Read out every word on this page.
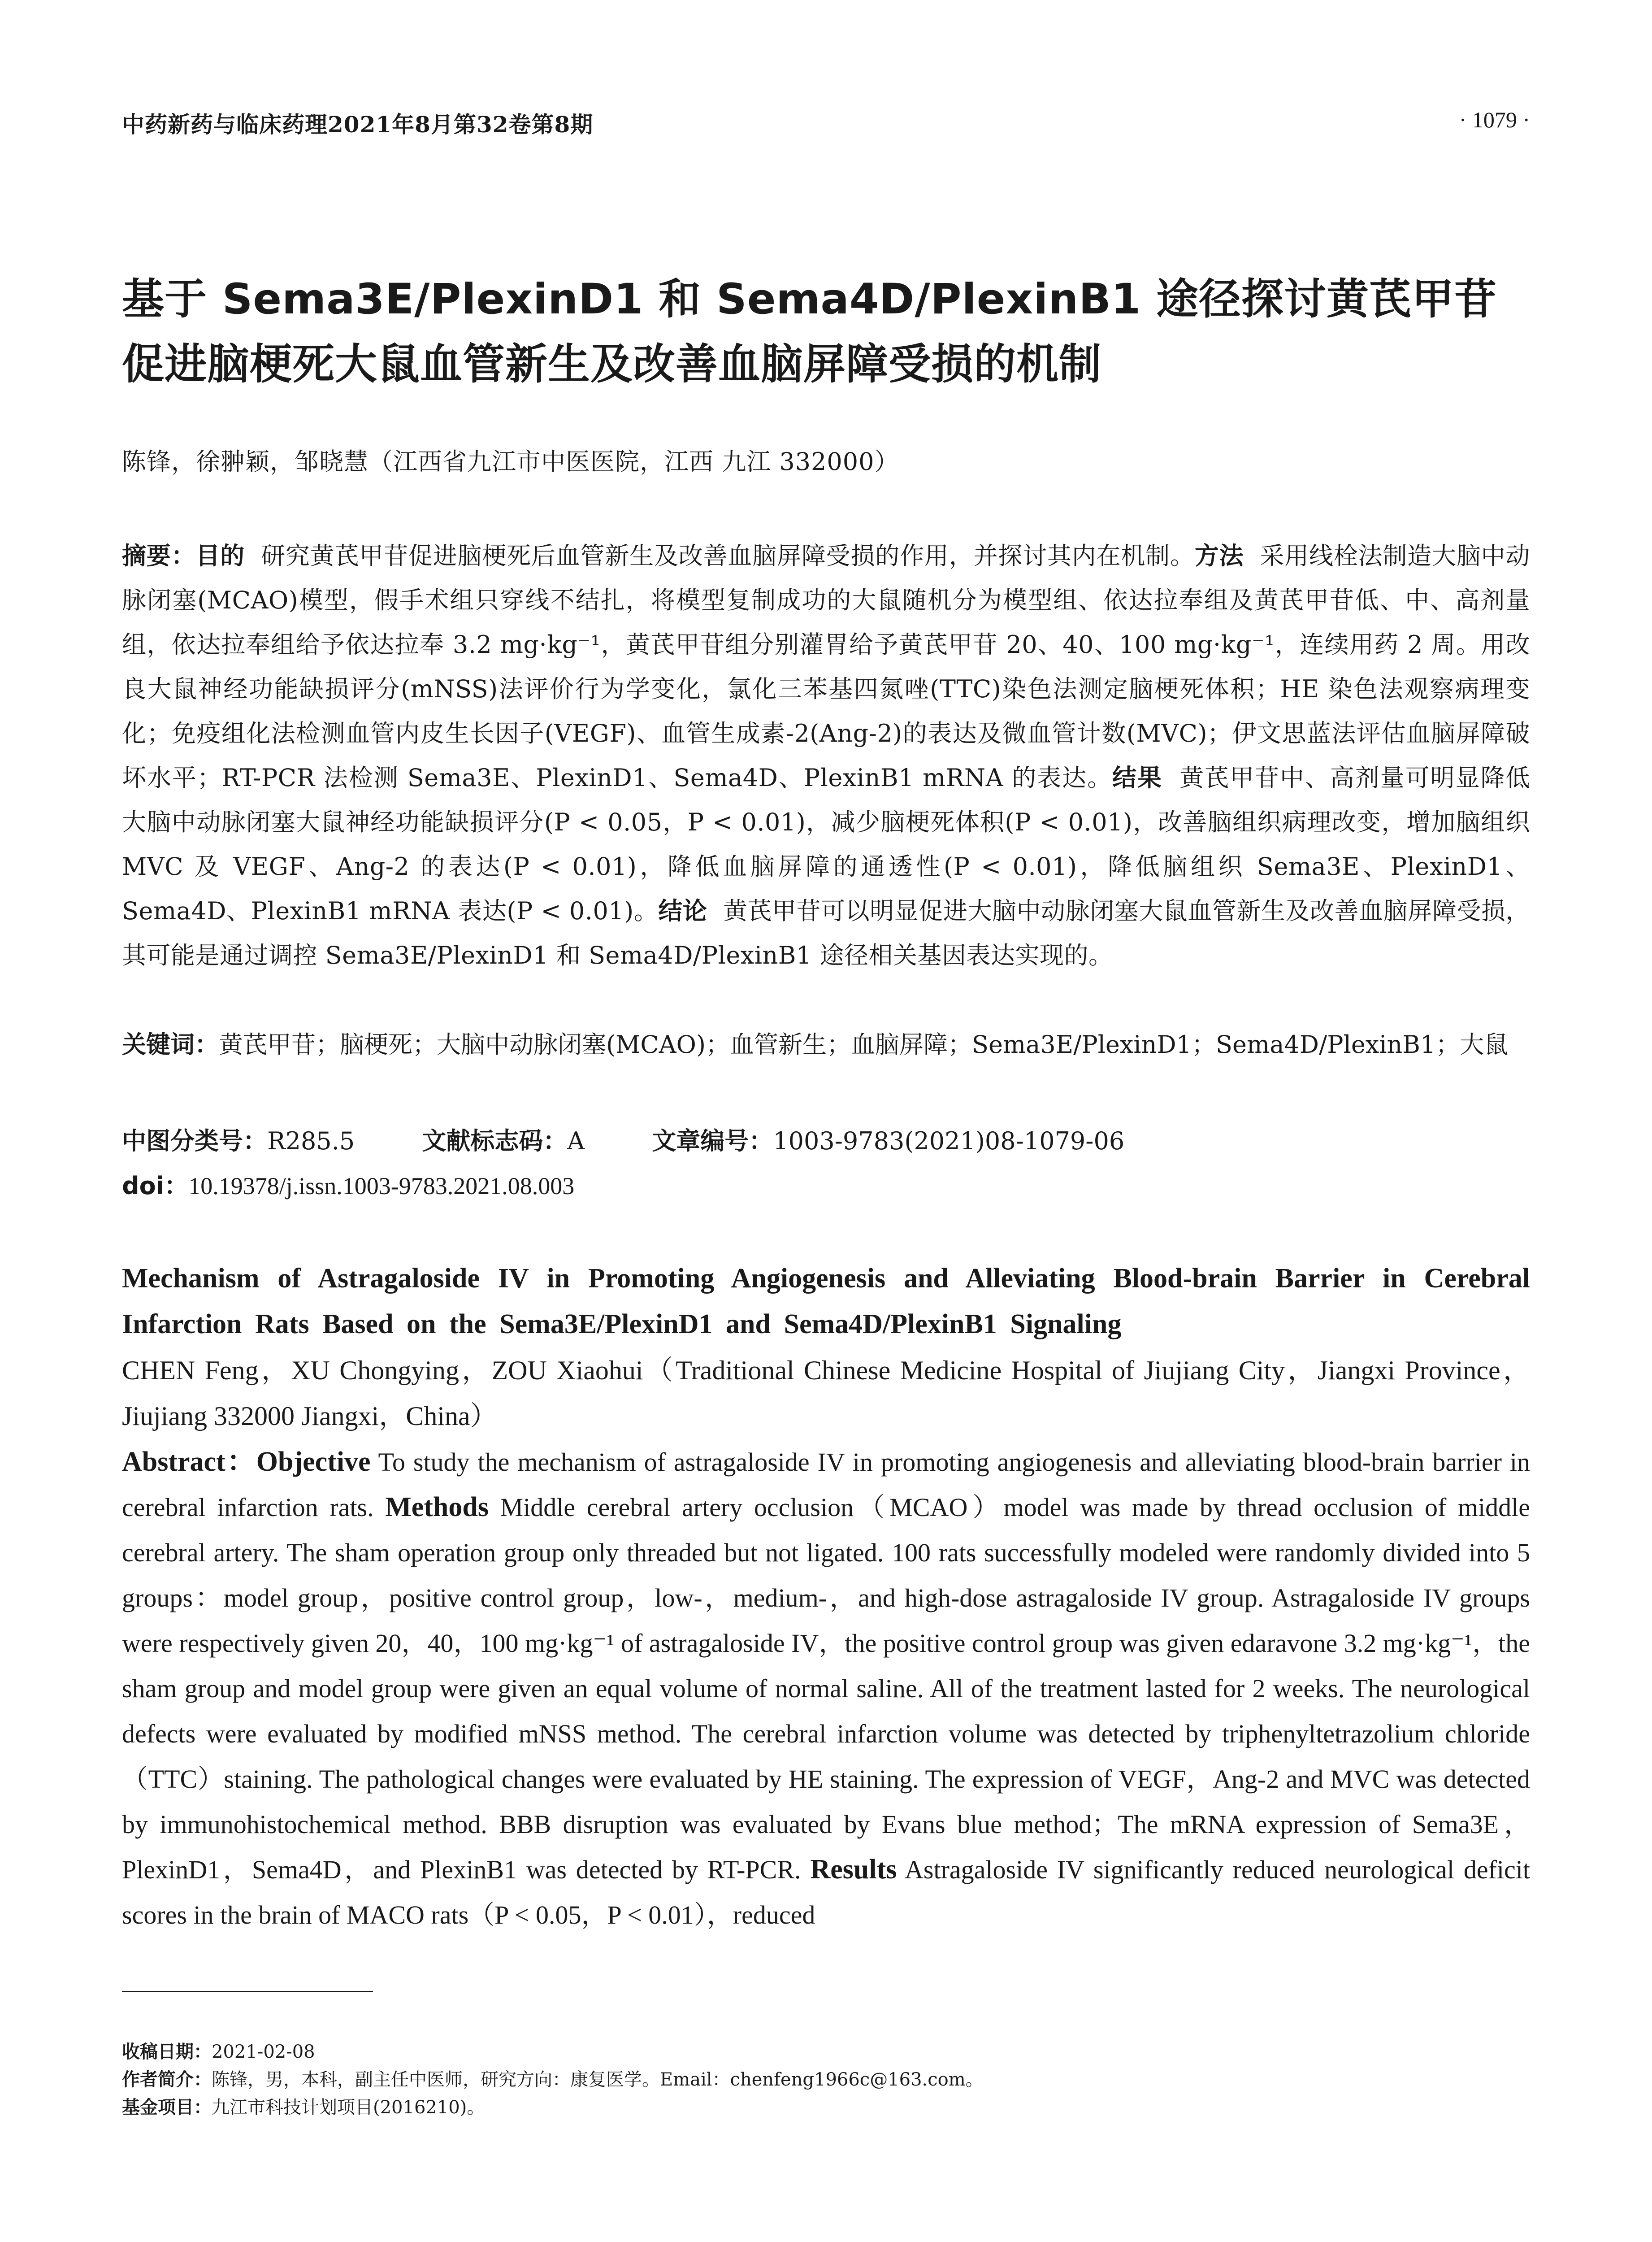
中药新药与临床药理2021年8月第32卷第8期	· 1079 ·
基于 Sema3E/PlexinD1 和 Sema4D/PlexinB1 途径探讨黄芪甲苷
促进脑梗死大鼠血管新生及改善血脑屏障受损的机制
陈锋，徐翀颖，邹晓慧（江西省九江市中医医院，江西 九江 332000）
摘要：目的 研究黄芪甲苷促进脑梗死后血管新生及改善血脑屏障受损的作用，并探讨其内在机制。方法 采用线栓法制造大脑中动脉闭塞(MCAO)模型，假手术组只穿线不结扎，将模型复制成功的大鼠随机分为模型组、依达拉奉组及黄芪甲苷低、中、高剂量组，依达拉奉组给予依达拉奉 3.2 mg·kg⁻¹，黄芪甲苷组分别灌胃给予黄芪甲苷 20、40、100 mg·kg⁻¹，连续用药 2 周。用改良大鼠神经功能缺损评分(mNSS)法评价行为学变化，氯化三苯基四氮唑(TTC)染色法测定脑梗死体积；HE 染色法观察病理变化；免疫组化法检测血管内皮生长因子(VEGF)、血管生成素-2(Ang-2)的表达及微血管计数(MVC)；伊文思蓝法评估血脑屏障破坏水平；RT-PCR 法检测 Sema3E、PlexinD1、Sema4D、PlexinB1 mRNA 的表达。结果 黄芪甲苷中、高剂量可明显降低大脑中动脉闭塞大鼠神经功能缺损评分(P < 0.05，P < 0.01)，减少脑梗死体积(P < 0.01)，改善脑组织病理改变，增加脑组织 MVC 及 VEGF、Ang-2 的表达(P < 0.01)，降低血脑屏障的通透性(P < 0.01)，降低脑组织 Sema3E、PlexinD1、Sema4D、PlexinB1 mRNA 表达(P < 0.01)。结论 黄芪甲苷可以明显促进大脑中动脉闭塞大鼠血管新生及改善血脑屏障受损，其可能是通过调控 Sema3E/PlexinD1 和 Sema4D/PlexinB1 途径相关基因表达实现的。
关键词：黄芪甲苷；脑梗死；大脑中动脉闭塞(MCAO)；血管新生；血脑屏障；Sema3E/PlexinD1；Sema4D/PlexinB1；大鼠
中图分类号：R285.5	文献标志码：A	文章编号：1003-9783(2021)08-1079-06
doi：10.19378/j.issn.1003-9783.2021.08.003
Mechanism of Astragaloside IV in Promoting Angiogenesis and Alleviating Blood-brain Barrier in Cerebral Infarction Rats Based on the Sema3E/PlexinD1 and Sema4D/PlexinB1 Signaling
CHEN Feng，XU Chongying，ZOU Xiaohui（Traditional Chinese Medicine Hospital of Jiujiang City，Jiangxi Province，Jiujiang 332000 Jiangxi，China）
Abstract：Objective To study the mechanism of astragaloside IV in promoting angiogenesis and alleviating blood-brain barrier in cerebral infarction rats. Methods Middle cerebral artery occlusion（MCAO）model was made by thread occlusion of middle cerebral artery. The sham operation group only threaded but not ligated. 100 rats successfully modeled were randomly divided into 5 groups：model group，positive control group，low-，medium-，and high-dose astragaloside IV group. Astragaloside IV groups were respectively given 20，40，100 mg·kg⁻¹ of astragaloside IV，the positive control group was given edaravone 3.2 mg·kg⁻¹，the sham group and model group were given an equal volume of normal saline. All of the treatment lasted for 2 weeks. The neurological defects were evaluated by modified mNSS method. The cerebral infarction volume was detected by triphenyltetrazolium chloride（TTC）staining. The pathological changes were evaluated by HE staining. The expression of VEGF，Ang-2 and MVC was detected by immunohistochemical method. BBB disruption was evaluated by Evans blue method；The mRNA expression of Sema3E，PlexinD1，Sema4D，and PlexinB1 was detected by RT-PCR. Results Astragaloside IV significantly reduced neurological deficit scores in the brain of MACO rats（P < 0.05，P < 0.01），reduced
收稿日期：2021-02-08
作者简介：陈锋，男，本科，副主任中医师，研究方向：康复医学。Email：chenfeng1966c@163.com。
基金项目：九江市科技计划项目(2016210)。
